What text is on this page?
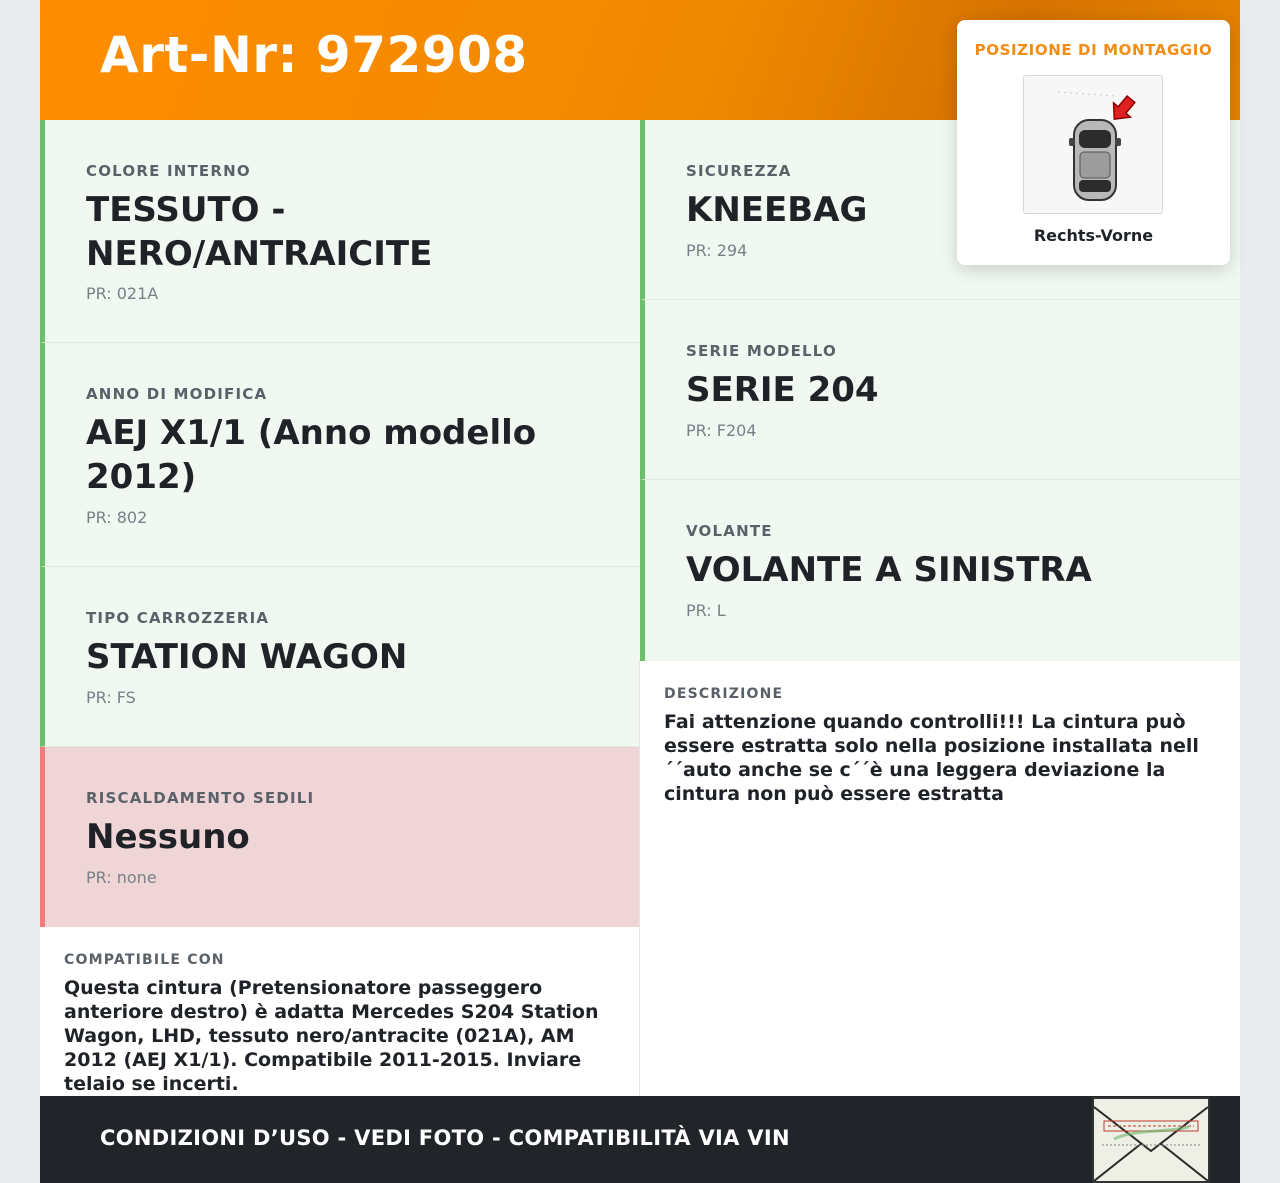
Art-Nr: 972908
COLORE INTERNO
TESSUTO - NERO/ANTRAICITE
PR: 021A
ANNO DI MODIFICA
AEJ X1/1 (Anno modello 2012)
PR: 802
TIPO CARROZZERIA
STATION WAGON
PR: FS
RISCALDAMENTO SEDILI
Nessuno
PR: none
SICUREZZA
KNEEBAG
PR: 294
SERIE MODELLO
SERIE 204
PR: F204
VOLANTE
VOLANTE A SINISTRA
PR: L
DESCRIZIONE
Fai attenzione quando controlli!!! La cintura può essere estratta solo nella posizione installata nell´´auto anche se c´´è una leggera deviazione la cintura non può essere estratta
COMPATIBILE CON
Questa cintura (Pretensionatore passeggero anteriore destro) è adatta Mercedes S204 Station Wagon, LHD, tessuto nero/antracite (021A), AM 2012 (AEJ X1/1). Compatibile 2011-2015. Inviare telaio se incerti.
CONDIZIONI D’USO - VEDI FOTO - COMPATIBILITÀ VIA VIN
POSIZIONE DI MONTAGGIO
Rechts-Vorne
